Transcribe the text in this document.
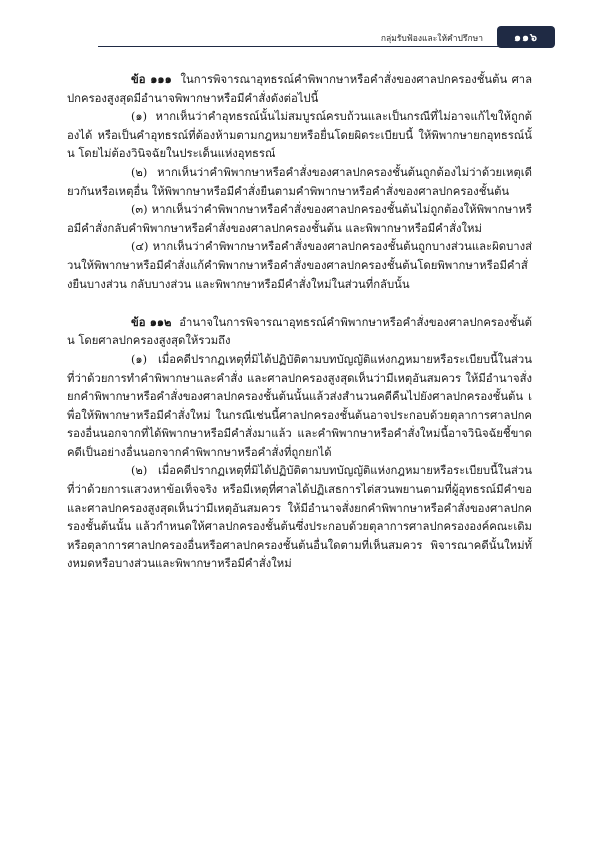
กลุ่มรับฟ้องและให้คำปรึกษา	๑๑๖

ข้อ ๑๑๑ ในการพิจารณาอุทธรณ์คำพิพากษาหรือคำสั่งของศาลปกครองชั้นต้น ศาลปกครองสูงสุดมีอำนาจพิพากษาหรือมีคำสั่งดังต่อไปนี้

(๑) หากเห็นว่าคำอุทธรณ์นั้นไม่สมบูรณ์ครบถ้วนและเป็นกรณีที่ไม่อาจแก้ไขให้ถูกต้องได้ หรือเป็นคำอุทธรณ์ที่ต้องห้ามตามกฎหมายหรือยื่นโดยผิดระเบียบนี้ ให้พิพากษายกอุทธรณ์นั้น โดยไม่ต้องวินิจฉัยในประเด็นแห่งอุทธรณ์

(๒) หากเห็นว่าคำพิพากษาหรือคำสั่งของศาลปกครองชั้นต้นถูกต้องไม่ว่าด้วยเหตุเดียวกันหรือเหตุอื่น ให้พิพากษาหรือมีคำสั่งยืนตามคำพิพากษาหรือคำสั่งของศาลปกครองชั้นต้น

(๓) หากเห็นว่าคำพิพากษาหรือคำสั่งของศาลปกครองชั้นต้นไม่ถูกต้องให้พิพากษาหรือมีคำสั่งกลับคำพิพากษาหรือคำสั่งของศาลปกครองชั้นต้น และพิพากษาหรือมีคำสั่งใหม่

(๔) หากเห็นว่าคำพิพากษาหรือคำสั่งของศาลปกครองชั้นต้นถูกบางส่วนและผิดบางส่วนให้พิพากษาหรือมีคำสั่งแก้คำพิพากษาหรือคำสั่งของศาลปกครองชั้นต้นโดยพิพากษาหรือมีคำสั่งยืนบางส่วน กลับบางส่วน และพิพากษาหรือมีคำสั่งใหม่ในส่วนที่กลับนั้น

ข้อ ๑๑๒ อำนาจในการพิจารณาอุทธรณ์คำพิพากษาหรือคำสั่งของศาลปกครองชั้นต้น โดยศาลปกครองสูงสุดให้รวมถึง

(๑) เมื่อคดีปรากฏเหตุที่มิได้ปฏิบัติตามบทบัญญัติแห่งกฎหมายหรือระเบียบนี้ในส่วนที่ว่าด้วยการทำคำพิพากษาและคำสั่ง และศาลปกครองสูงสุดเห็นว่ามีเหตุอันสมควร ให้มีอำนาจสั่งยกคำพิพากษาหรือคำสั่งของศาลปกครองชั้นต้นนั้นแล้วส่งสำนวนคดีคืนไปยังศาลปกครองชั้นต้น เพื่อให้พิพากษาหรือมีคำสั่งใหม่ ในกรณีเช่นนี้ศาลปกครองชั้นต้นอาจประกอบด้วยตุลาการศาลปกครองอื่นนอกจากที่ได้พิพากษาหรือมีคำสั่งมาแล้ว และคำพิพากษาหรือคำสั่งใหม่นี้อาจวินิจฉัยชี้ขาดคดีเป็นอย่างอื่นนอกจากคำพิพากษาหรือคำสั่งที่ถูกยกได้

(๒) เมื่อคดีปรากฏเหตุที่มิได้ปฏิบัติตามบทบัญญัติแห่งกฎหมายหรือระเบียบนี้ในส่วนที่ว่าด้วยการแสวงหาข้อเท็จจริง หรือมีเหตุที่ศาลได้ปฏิเสธการไต่สวนพยานตามที่ผู้อุทธรณ์มีคำขอ และศาลปกครองสูงสุดเห็นว่ามีเหตุอันสมควร ให้มีอำนาจสั่งยกคำพิพากษาหรือคำสั่งของศาลปกครองชั้นต้นนั้น แล้วกำหนดให้ศาลปกครองชั้นต้นซึ่งประกอบด้วยตุลาการศาลปกครององค์คณะเดิมหรือตุลาการศาลปกครองอื่นหรือศาลปกครองชั้นต้นอื่นใดตามที่เห็นสมควร พิจารณาคดีนั้นใหม่ทั้งหมดหรือบางส่วนและพิพากษาหรือมีคำสั่งใหม่
